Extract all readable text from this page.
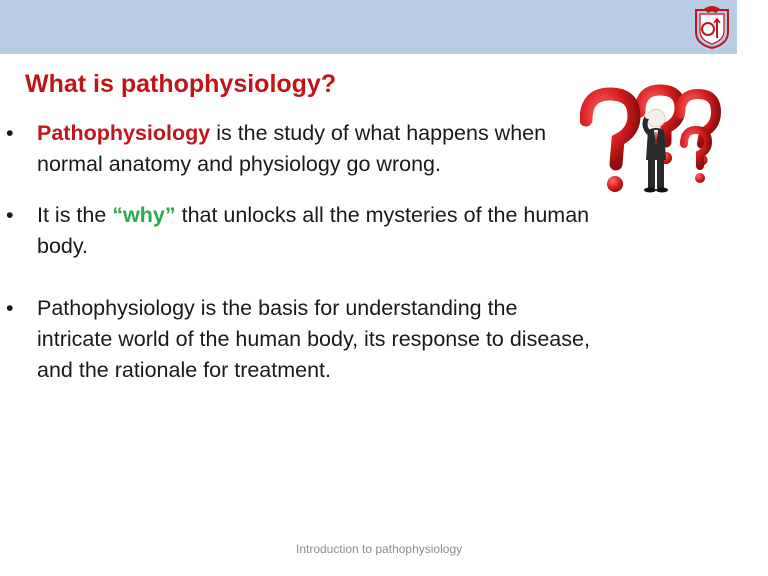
What is pathophysiology?
•	Pathophysiology is the study of what happens when
normal anatomy and physiology go wrong.
•	It is the “why” that unlocks all the mysteries of the human
body.
•	Pathophysiology is the basis for understanding the
intricate world of the human body, its response to disease,
and the rationale for treatment.
Introduction to pathophysiology
